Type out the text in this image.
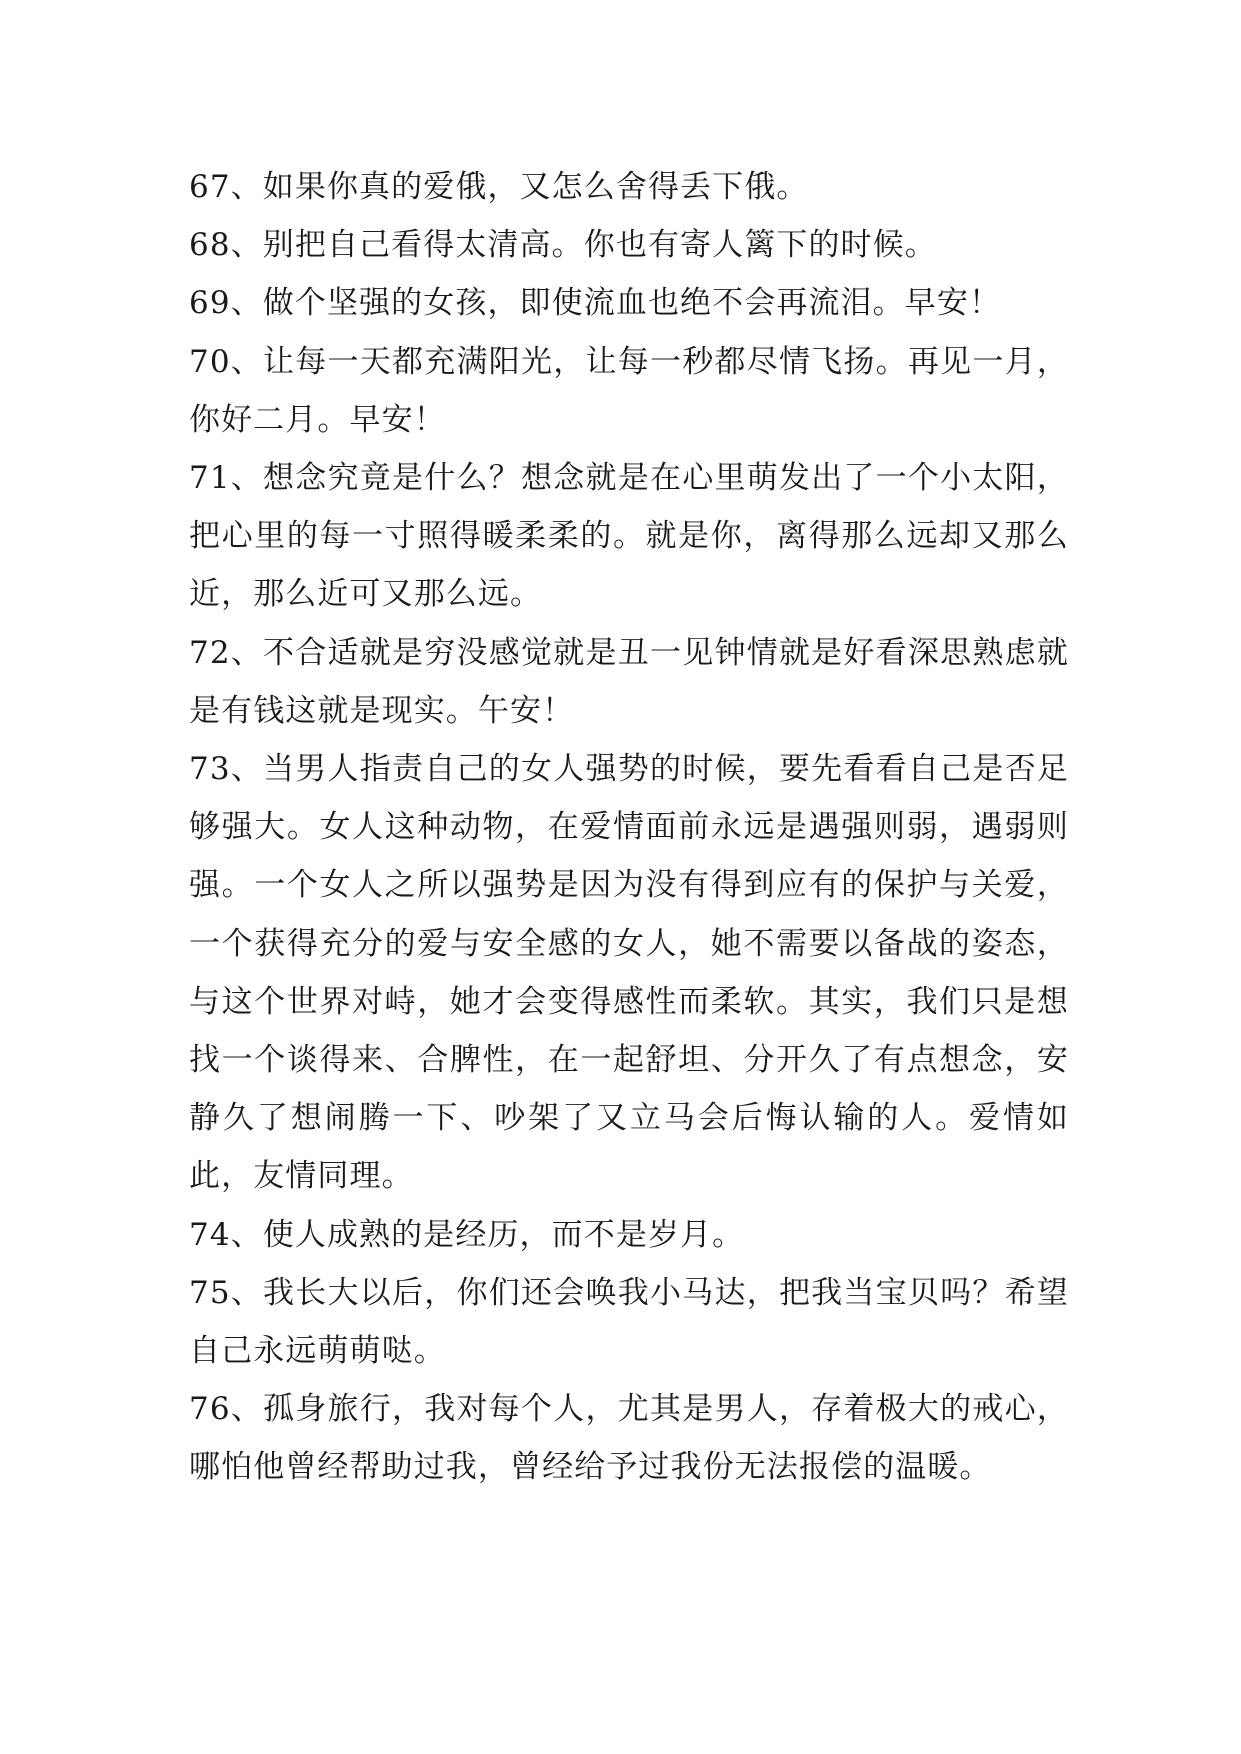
67、如果你真的爱俄，又怎么舍得丢下俄。

68、别把自己看得太清高。你也有寄人篱下的时候。

69、做个坚强的女孩，即使流血也绝不会再流泪。早安！

70、让每一天都充满阳光，让每一秒都尽情飞扬。再见一月，你好二月。早安！

71、想念究竟是什么？想念就是在心里萌发出了一个小太阳，把心里的每一寸照得暖柔柔的。就是你，离得那么远却又那么近，那么近可又那么远。

72、不合适就是穷没感觉就是丑一见钟情就是好看深思熟虑就是有钱这就是现实。午安！

73、当男人指责自己的女人强势的时候，要先看看自己是否足够强大。女人这种动物，在爱情面前永远是遇强则弱，遇弱则强。一个女人之所以强势是因为没有得到应有的保护与关爱，一个获得充分的爱与安全感的女人，她不需要以备战的姿态，与这个世界对峙，她才会变得感性而柔软。其实，我们只是想找一个谈得来、合脾性，在一起舒坦、分开久了有点想念，安静久了想闹腾一下、吵架了又立马会后悔认输的人。爱情如此，友情同理。

74、使人成熟的是经历，而不是岁月。

75、我长大以后，你们还会唤我小马达，把我当宝贝吗？希望自己永远萌萌哒。

76、孤身旅行，我对每个人，尤其是男人，存着极大的戒心，哪怕他曾经帮助过我，曾经给予过我份无法报偿的温暖。
